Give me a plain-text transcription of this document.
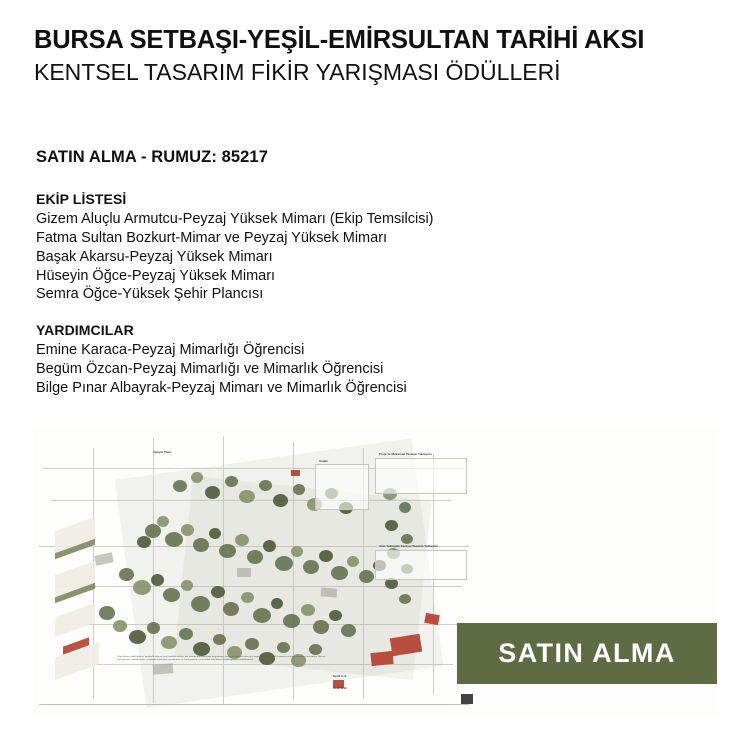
BURSA SETBAŞI-YEŞİL-EMİRSULTAN TARİHİ AKSI
KENTSEL TASARIM FİKİR YARIŞMASI ÖDÜLLERİ
SATIN ALMA - RUMUZ: 85217
EKİP LİSTESİ
Gizem Aluçlu Armutcu-Peyzaj Yüksek Mimarı (Ekip Temsilcisi)
Fatma Sultan Bozkurt-Mimar ve Peyzaj Yüksek Mimarı
Başak Akarsu-Peyzaj Yüksek Mimarı
Hüseyin Öğce-Peyzaj Yüksek Mimarı
Semra Öğce-Yüksek Şehir Plancısı
YARDIMCILAR
Emine Karaca-Peyzaj Mimarlığı Öğrencisi
Begüm Özcan-Peyzaj Mimarlığı ve Mimarlık Öğrencisi
Bilge Pınar Albayrak-Peyzaj Mimarı ve Mimarlık Öğrencisi
Proje ve Mekansal Tasarım Yaklaşımı
Alan Yaklaşıklı Kentsel Tasarım Yaklaşımı
Analiz
Kesit A-A
Kesit B-B
Vaziyet Planı
Proje alanının tarihi dokusu, topoğrafik eğim ve yeşil süreklilik ilişkileri göz önünde bulundurularak kurgulanmış; Setbaşı-Yeşil-Emirsultan aksı boyunca yaya öncelikli, kesintisiz bir kamusal omurga önerilmiştir. Mevcut ticari aksların canlandırılması, meydanların yeniden tanımlanması ve tarihi yapıların çevresindeki boşlukların niteliklendirilmesi hedeflenmiştir.	SATIN ALMA
